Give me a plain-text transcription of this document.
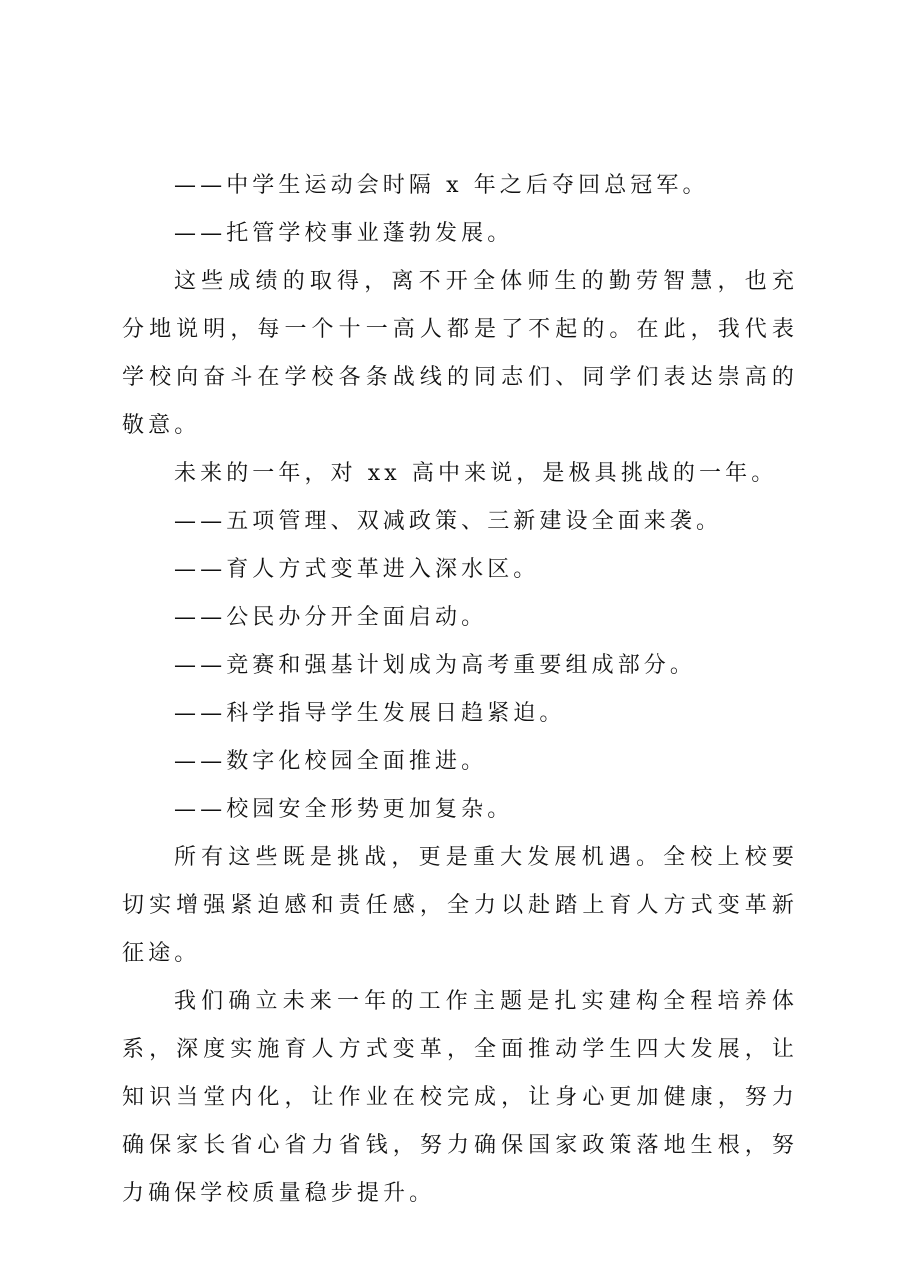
——中学生运动会时隔 x 年之后夺回总冠军。

——托管学校事业蓬勃发展。

这些成绩的取得，离不开全体师生的勤劳智慧，也充分地说明，每一个十一高人都是了不起的。在此，我代表学校向奋斗在学校各条战线的同志们、同学们表达崇高的敬意。

未来的一年，对 xx 高中来说，是极具挑战的一年。

——五项管理、双减政策、三新建设全面来袭。

——育人方式变革进入深水区。

——公民办分开全面启动。

——竞赛和强基计划成为高考重要组成部分。

——科学指导学生发展日趋紧迫。

——数字化校园全面推进。

——校园安全形势更加复杂。

所有这些既是挑战，更是重大发展机遇。全校上校要切实增强紧迫感和责任感，全力以赴踏上育人方式变革新征途。

我们确立未来一年的工作主题是扎实建构全程培养体系，深度实施育人方式变革，全面推动学生四大发展，让知识当堂内化，让作业在校完成，让身心更加健康，努力确保家长省心省力省钱，努力确保国家政策落地生根，努力确保学校质量稳步提升。
